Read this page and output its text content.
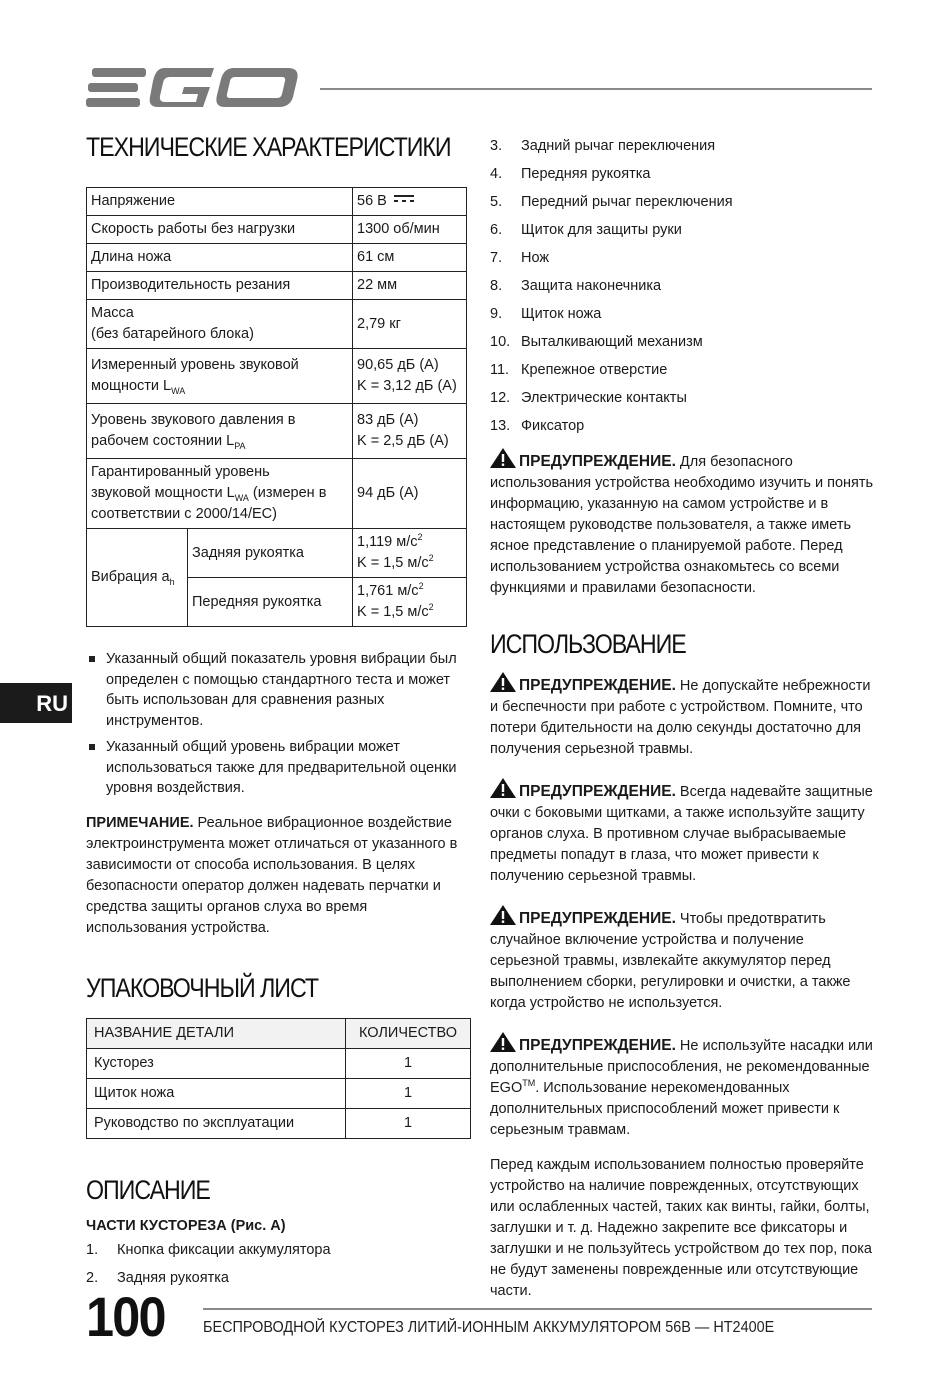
RU
ТЕХНИЧЕСКИЕ ХАРАКТЕРИСТИКИ
Напряжение		56 В
Скорость работы без нагрузки		1300 об/мин
Длина ножа		61 см
Производительность резания		22 мм
Масса
(без батарейного блока)		2,79 кг
Измеренный уровень звуковой
мощности $L_{WA}$		90,65 дБ (A)
K = 3,12 дБ (A)
Уровень звукового давления в
рабочем состоянии $L_{PA}$		83 дБ (A)
K = 2,5 дБ (A)
Гарантированный уровень
звуковой мощности $L_{WA}$ (измерен в
соответствии с 2000/14/EC)		94 дБ (A)
Вибрация $a_h$	Задняя рукоятка	1,119 $м/с^2$
K = 1,5 $м/с^2$
	Передняя рукоятка	1,761 $м/с^2$
K = 1,5 $м/с^2$
Указанный общий показатель уровня вибрации был определен с помощью стандартного теста и может быть использован для сравнения разных инструментов.
Указанный общий уровень вибрации может использоваться также для предварительной оценки уровня воздействия.

ПРИМЕЧАНИЕ. Реальное вибрационное воздействие электроинструмента может отличаться от указанного в зависимости от способа использования. В целях безопасности оператор должен надевать перчатки и средства защиты органов слуха во время использования устройства.

УПАКОВОЧНЫЙ ЛИСТ
НАЗВАНИЕ ДЕТАЛИ	КОЛИЧЕСТВО
Кусторез	1
Щиток ножа	1
Руководство по эксплуатации	1
ОПИСАНИЕ
ЧАСТИ КУСТОРЕЗА (Рис. A)
1. Кнопка фиксации аккумулятора
2. Задняя рукоятка
3. Задний рычаг переключения
4. Передняя рукоятка
5. Передний рычаг переключения
6. Щиток для защиты руки
7. Нож
8. Защита наконечника
9. Щиток ножа
10. Выталкивающий механизм
11. Крепежное отверстие
12. Электрические контакты
13. Фиксатор

ПРЕДУПРЕЖДЕНИЕ. Для безопасного использования устройства необходимо изучить и понять информацию, указанную на самом устройстве и в настоящем руководстве пользователя, а также иметь ясное представление о планируемой работе. Перед использованием устройства ознакомьтесь со всеми функциями и правилами безопасности.

ИСПОЛЬЗОВАНИЕ

ПРЕДУПРЕЖДЕНИЕ. Не допускайте небрежности и беспечности при работе с устройством. Помните, что потери бдительности на долю секунды достаточно для получения серьезной травмы.

ПРЕДУПРЕЖДЕНИЕ. Всегда надевайте защитные очки с боковыми щитками, а также используйте защиту органов слуха. В противном случае выбрасываемые предметы попадут в глаза, что может привести к получению серьезной травмы.

ПРЕДУПРЕЖДЕНИЕ. Чтобы предотвратить случайное включение устройства и получение серьезной травмы, извлекайте аккумулятор перед выполнением сборки, регулировки и очистки, а также когда устройство не используется.

ПРЕДУПРЕЖДЕНИЕ. Не используйте насадки или дополнительные приспособления, не рекомендованные EGO™. Использование нерекомендованных дополнительных приспособлений может привести к серьезным травмам.

Перед каждым использованием полностью проверяйте устройство на наличие поврежденных, отсутствующих или ослабленных частей, таких как винты, гайки, болты, заглушки и т. д. Надежно закрепите все фиксаторы и заглушки и не пользуйтесь устройством до тех пор, пока не будут заменены поврежденные или отсутствующие части.

100 БЕСПРОВОДНОЙ КУСТОРЕЗ ЛИТИЙ-ИОННЫМ АККУМУЛЯТОРОМ 56В — HT2400E
